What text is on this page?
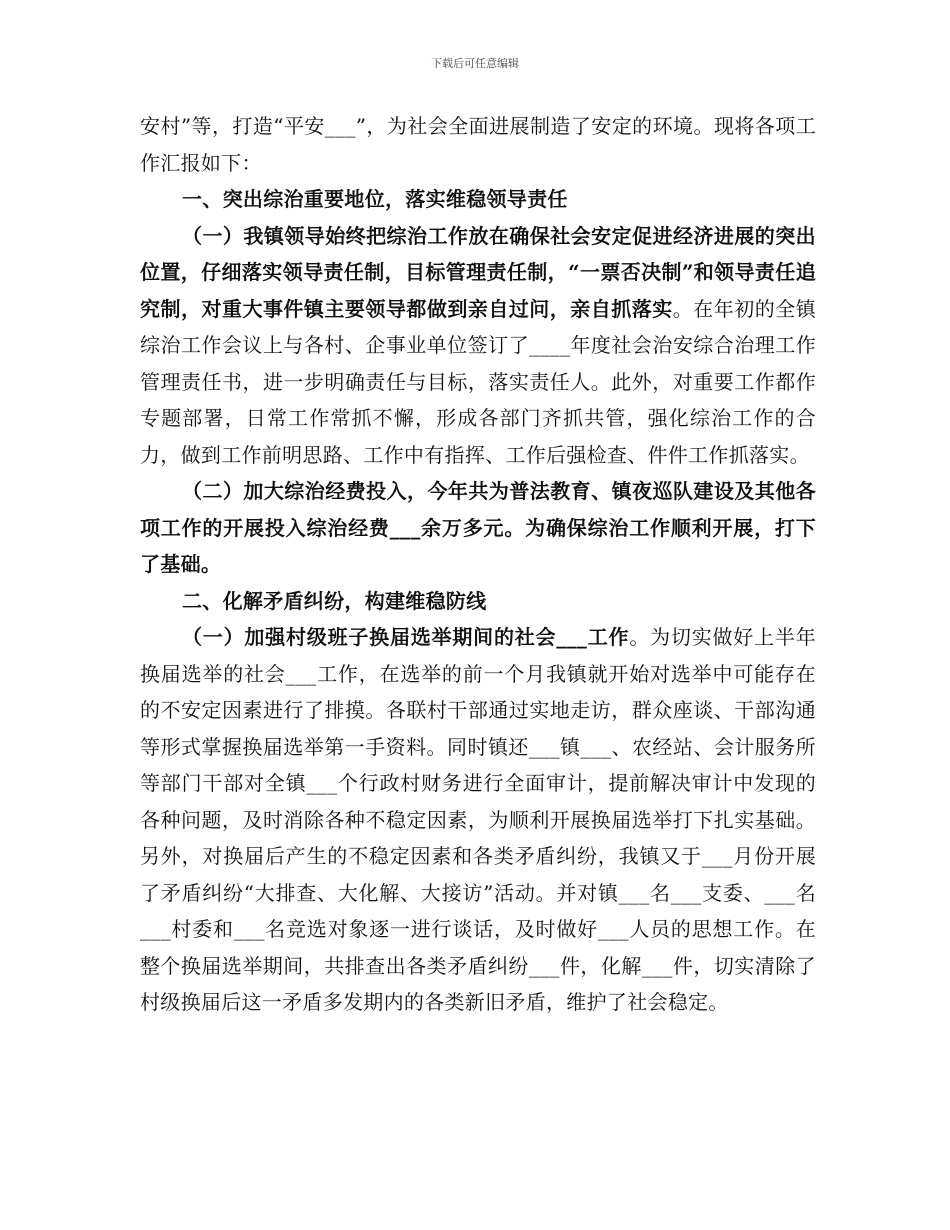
下载后可任意编辑

安村”等，打造“平安___”，为社会全面进展制造了安定的环境。现将各项工作汇报如下：

一、突出综治重要地位，落实维稳领导责任

（一）我镇领导始终把综治工作放在确保社会安定促进经济进展的突出位置，仔细落实领导责任制，目标管理责任制，“一票否决制”和领导责任追究制，对重大事件镇主要领导都做到亲自过问，亲自抓落实。在年初的全镇综治工作会议上与各村、企事业单位签订了____年度社会治安综合治理工作管理责任书，进一步明确责任与目标，落实责任人。此外，对重要工作都作专题部署，日常工作常抓不懈，形成各部门齐抓共管，强化综治工作的合力，做到工作前明思路、工作中有指挥、工作后强检查、件件工作抓落实。

（二）加大综治经费投入，今年共为普法教育、镇夜巡队建设及其他各项工作的开展投入综治经费___余万多元。为确保综治工作顺利开展，打下了基础。

二、化解矛盾纠纷，构建维稳防线

（一）加强村级班子换届选举期间的社会___工作。为切实做好上半年换届选举的社会___工作，在选举的前一个月我镇就开始对选举中可能存在的不安定因素进行了排摸。各联村干部通过实地走访，群众座谈、干部沟通等形式掌握换届选举第一手资料。同时镇还___镇___、农经站、会计服务所等部门干部对全镇___个行政村财务进行全面审计，提前解决审计中发现的各种问题，及时消除各种不稳定因素，为顺利开展换届选举打下扎实基础。另外，对换届后产生的不稳定因素和各类矛盾纠纷，我镇又于___月份开展了矛盾纠纷“大排查、大化解、大接访”活动。并对镇___名___支委、___名___村委和___名竞选对象逐一进行谈话，及时做好___人员的思想工作。在整个换届选举期间，共排查出各类矛盾纠纷___件，化解___件，切实清除了村级换届后这一矛盾多发期内的各类新旧矛盾，维护了社会稳定。
